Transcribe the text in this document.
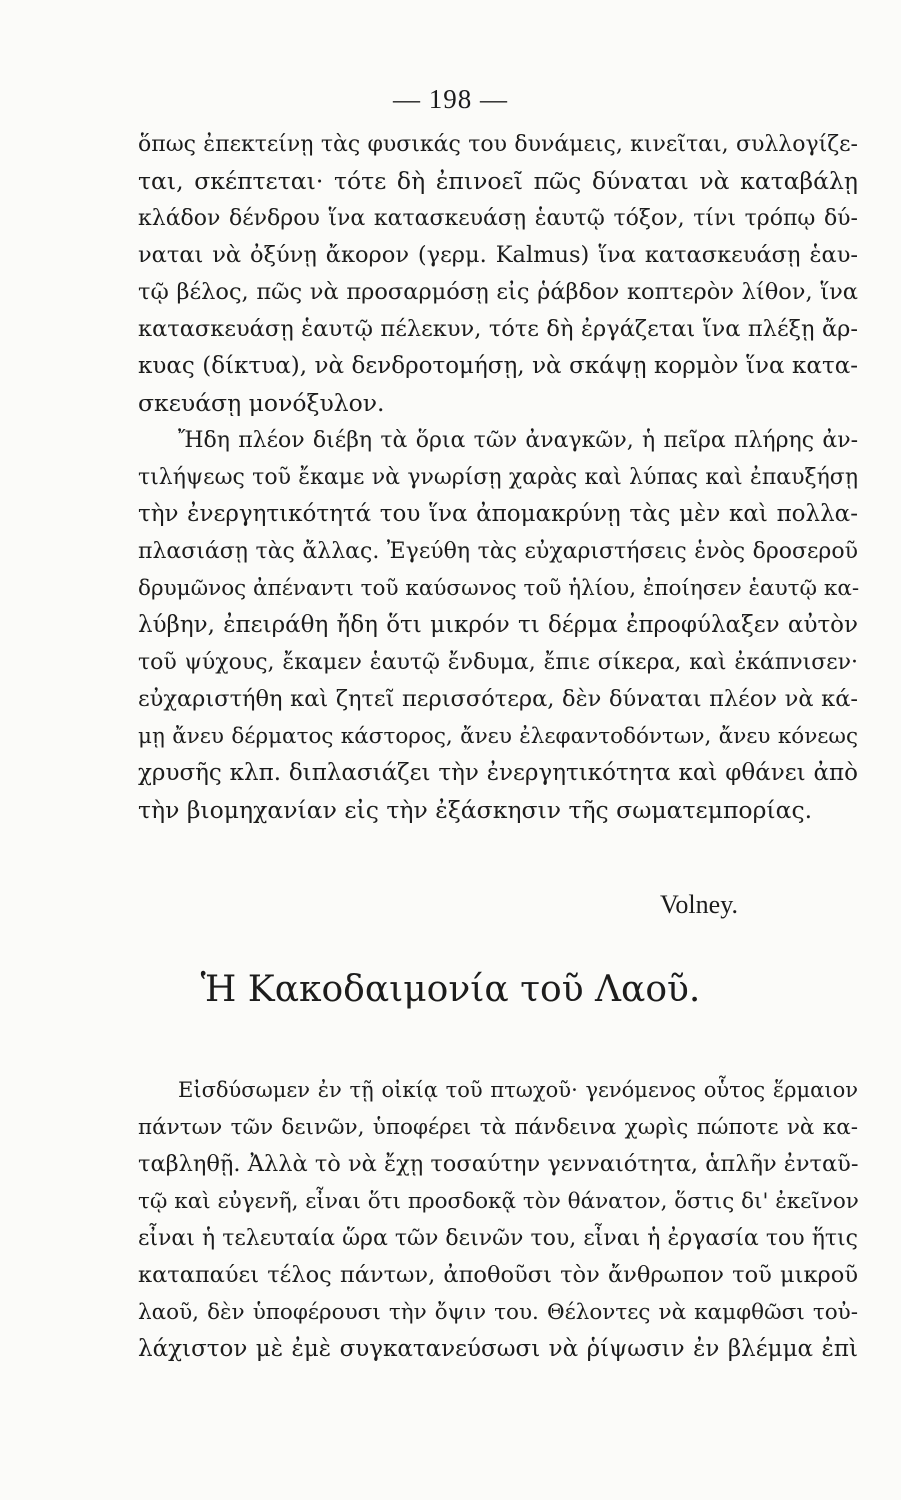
— 198 —
ὅπως ἐπεκτείνῃ τὰς φυσικάς του δυνάμεις, κινεῖται, συλλογίζε-
ται, σκέπτεται· τότε δὴ ἐπινοεῖ πῶς δύναται νὰ καταβάλῃ
κλάδον δένδρου ἵνα κατασκευάσῃ ἑαυτῷ τόξον, τίνι τρόπῳ δύ-
ναται νὰ ὀξύνῃ ἄκορον (γερμ. Kalmus) ἵνα κατασκευάσῃ ἑαυ-
τῷ βέλος, πῶς νὰ προσαρμόσῃ εἰς ῥάβδον κοπτερὸν λίθον, ἵνα
κατασκευάσῃ ἑαυτῷ πέλεκυν, τότε δὴ ἐργάζεται ἵνα πλέξῃ ἄρ-
κυας (δίκτυα), νὰ δενδροτομήσῃ, νὰ σκάψῃ κορμὸν ἵνα κατα-
σκευάσῃ μονόξυλον.
Ἤδη πλέον διέβη τὰ ὅρια τῶν ἀναγκῶν, ἡ πεῖρα πλήρης ἀν-
τιλήψεως τοῦ ἔκαμε νὰ γνωρίσῃ χαρὰς καὶ λύπας καὶ ἐπαυξήσῃ
τὴν ἐνεργητικότητά του ἵνα ἀπομακρύνῃ τὰς μὲν καὶ πολλα-
πλασιάσῃ τὰς ἄλλας. Ἐγεύθη τὰς εὐχαριστήσεις ἑνὸς δροσεροῦ
δρυμῶνος ἀπέναντι τοῦ καύσωνος τοῦ ἡλίου, ἐποίησεν ἑαυτῷ κα-
λύβην, ἐπειράθη ἤδη ὅτι μικρόν τι δέρμα ἐπροφύλαξεν αὐτὸν
τοῦ ψύχους, ἔκαμεν ἑαυτῷ ἔνδυμα, ἔπιε σίκερα, καὶ ἐκάπνισεν·
εὐχαριστήθη καὶ ζητεῖ περισσότερα, δὲν δύναται πλέον νὰ κά-
μῃ ἄνευ δέρματος κάστορος, ἄνευ ἐλεφαντοδόντων, ἄνευ κόνεως
χρυσῆς κλπ. διπλασιάζει τὴν ἐνεργητικότητα καὶ φθάνει ἀπὸ
τὴν βιομηχανίαν εἰς τὴν ἐξάσκησιν τῆς σωματεμπορίας.
Volney.
Ἡ Κακοδαιμονία τοῦ Λαοῦ.
Εἰσδύσωμεν ἐν τῇ οἰκίᾳ τοῦ πτωχοῦ· γενόμενος οὗτος ἕρμαιον
πάντων τῶν δεινῶν, ὑποφέρει τὰ πάνδεινα χωρὶς πώποτε νὰ κα-
ταβληθῇ. Ἀλλὰ τὸ νὰ ἔχῃ τοσαύτην γενναιότητα, ἁπλῆν ἐνταῦ-
τῷ καὶ εὐγενῆ, εἶναι ὅτι προσδοκᾷ τὸν θάνατον, ὅστις δι' ἐκεῖνον
εἶναι ἡ τελευταία ὥρα τῶν δεινῶν του, εἶναι ἡ ἐργασία του ἥτις
καταπαύει τέλος πάντων, ἀποθοῦσι τὸν ἄνθρωπον τοῦ μικροῦ
λαοῦ, δὲν ὑποφέρουσι τὴν ὄψιν του. Θέλοντες νὰ καμφθῶσι τοὐ-
λάχιστον μὲ ἐμὲ συγκατανεύσωσι νὰ ῥίψωσιν ἐν βλέμμα ἐπὶ
